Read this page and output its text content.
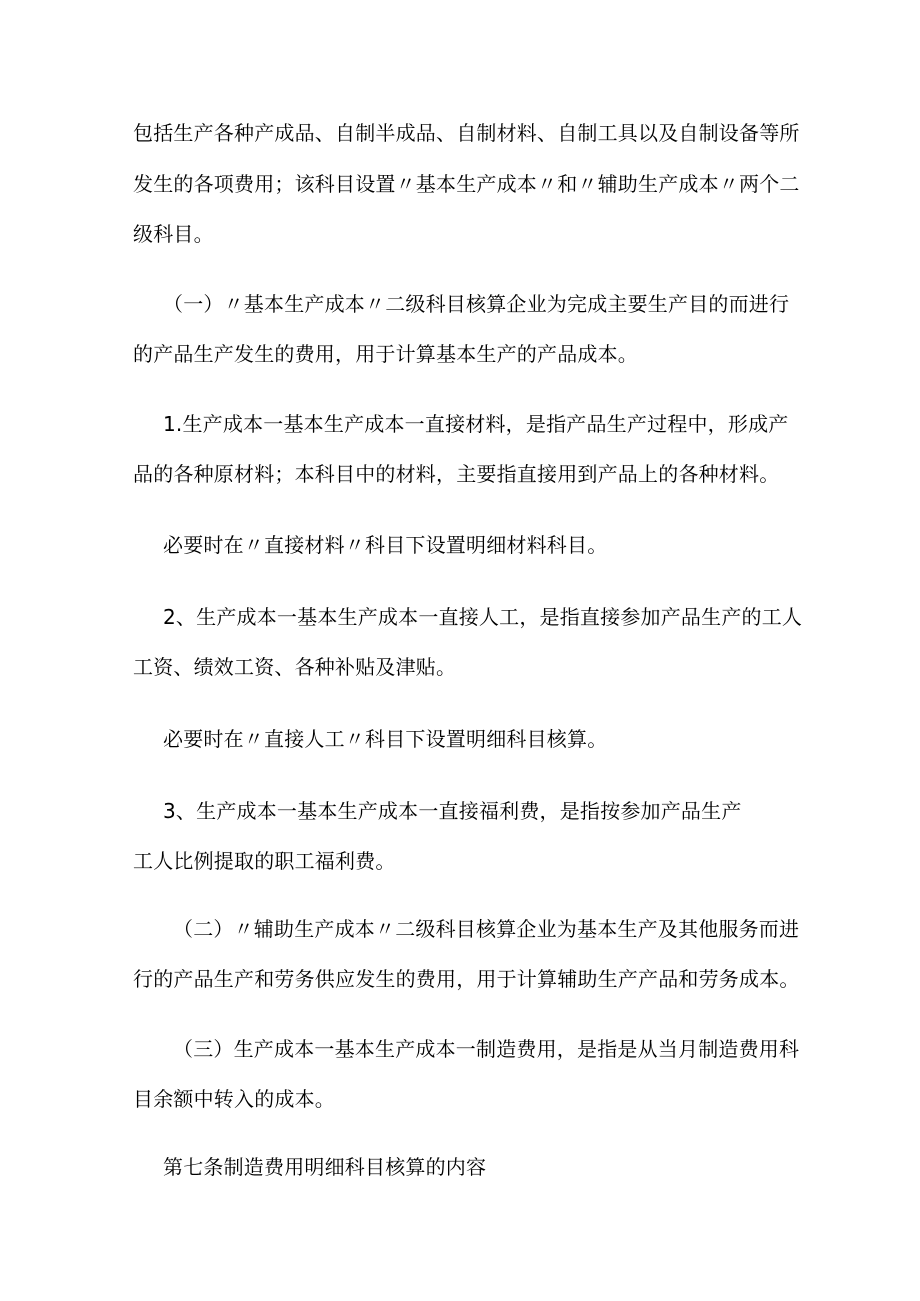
包括生产各种产成品、自制半成品、自制材料、自制工具以及自制设备等所
发生的各项费用；该科目设置〃基本生产成本〃和〃辅助生产成本〃两个二
级科目。
（一）〃基本生产成本〃二级科目核算企业为完成主要生产目的而进行
的产品生产发生的费用，用于计算基本生产的产品成本。
1.生产成本一基本生产成本一直接材料，是指产品生产过程中，形成产
品的各种原材料；本科目中的材料，主要指直接用到产品上的各种材料。
必要时在〃直接材料〃科目下设置明细材料科目。
2、生产成本一基本生产成本一直接人工，是指直接参加产品生产的工人
工资、绩效工资、各种补贴及津贴。
必要时在〃直接人工〃科目下设置明细科目核算。
3、生产成本一基本生产成本一直接福利费，是指按参加产品生产
工人比例提取的职工福利费。
（二）〃辅助生产成本〃二级科目核算企业为基本生产及其他服务而进
行的产品生产和劳务供应发生的费用，用于计算辅助生产产品和劳务成本。
（三）生产成本一基本生产成本一制造费用，是指是从当月制造费用科
目余额中转入的成本。
第七条制造费用明细科目核算的内容
